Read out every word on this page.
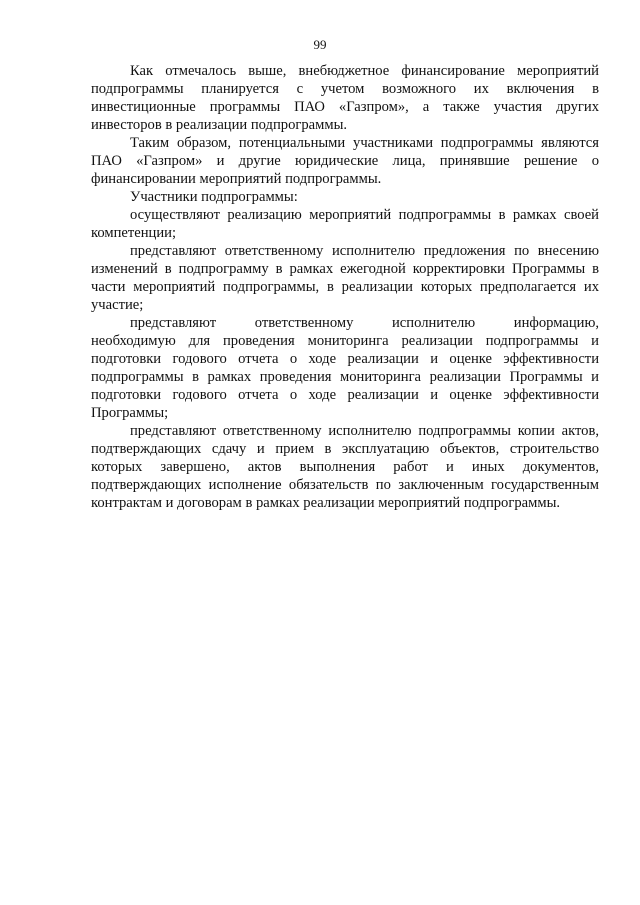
99

Как отмечалось выше, внебюджетное финансирование мероприятий подпрограммы планируется с учетом возможного их включения в инвестиционные программы ПАО «Газпром», а также участия других инвесторов в реализации подпрограммы.

Таким образом, потенциальными участниками подпрограммы являются ПАО «Газпром» и другие юридические лица, принявшие решение о финансировании мероприятий подпрограммы.

Участники подпрограммы:

осуществляют реализацию мероприятий подпрограммы в рамках своей компетенции;

представляют ответственному исполнителю предложения по внесению изменений в подпрограмму в рамках ежегодной корректировки Программы в части мероприятий подпрограммы, в реализации которых предполагается их участие;

представляют ответственному исполнителю информацию,

необходимую для проведения мониторинга реализации подпрограммы и подготовки годового отчета о ходе реализации и оценке эффективности подпрограммы в рамках проведения мониторинга реализации Программы и подготовки годового отчета о ходе реализации и оценке эффективности Программы;

представляют ответственному исполнителю подпрограммы копии актов, подтверждающих сдачу и прием в эксплуатацию объектов, строительство которых завершено, актов выполнения работ и иных документов, подтверждающих исполнение обязательств по заключенным государственным контрактам и договорам в рамках реализации мероприятий подпрограммы.
